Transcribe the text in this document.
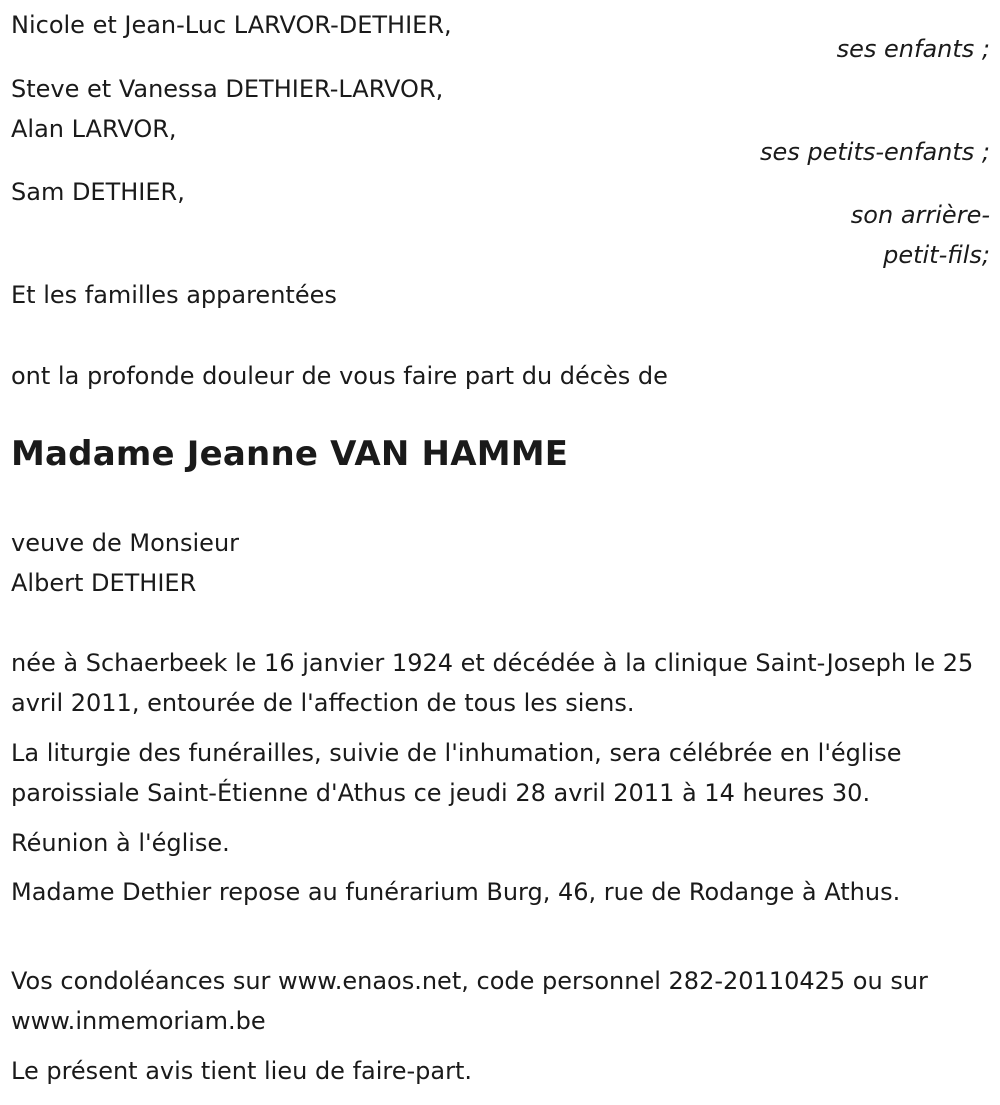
Nicole et Jean-Luc LARVOR-DETHIER,
ses enfants ;
Steve et Vanessa DETHIER-LARVOR,
Alan LARVOR,
ses petits-enfants ;
Sam DETHIER,
son arrière-
petit-fils;
Et les familles apparentées
ont la profonde douleur de vous faire part du décès de
Madame Jeanne VAN HAMME
veuve de Monsieur
Albert DETHIER
née à Schaerbeek le 16 janvier 1924 et décédée à la clinique Saint-Joseph le 25 avril 2011, entourée de l'affection de tous les siens.
La liturgie des funérailles, suivie de l'inhumation, sera célébrée en l'église paroissiale Saint-Étienne d'Athus ce jeudi 28 avril 2011 à 14 heures 30.
Réunion à l'église.
Madame Dethier repose au funérarium Burg, 46, rue de Rodange à Athus.
Vos condoléances sur www.enaos.net, code personnel 282-20110425 ou sur www.inmemoriam.be
Le présent avis tient lieu de faire-part.
